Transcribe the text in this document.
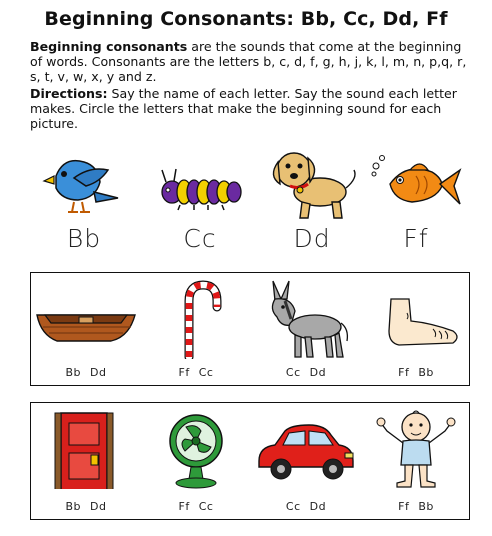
Beginning Consonants: Bb, Cc, Dd, Ff
Beginning consonants are the sounds that come at the beginning of words. Consonants are the letters b, c, d, f, g, h, j, k, l, m, n, p,q, r, s, t, v, w, x, y and z.
Directions: Say the name of each letter. Say the sound each letter makes. Circle the letters that make the beginning sound for each picture.
Bb	Cc	Dd	Ff
Bb Dd	Ff Cc	Cc Dd	Ff Bb
Bb Dd	Ff Cc	Cc Dd	Ff Bb
